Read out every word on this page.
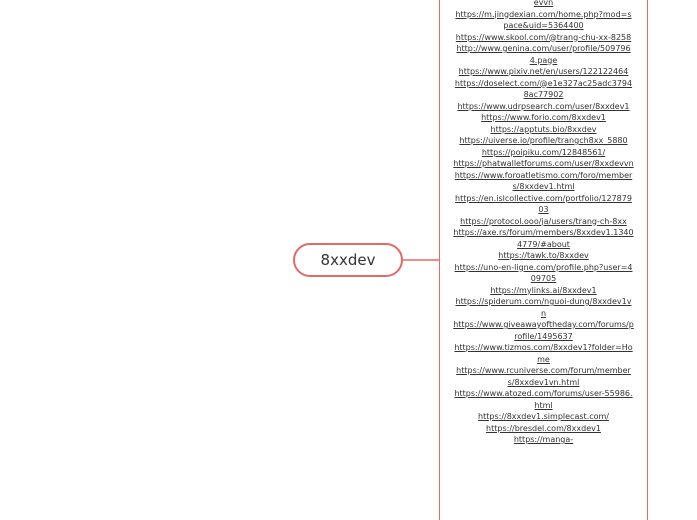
8xxdev
evvn
https://m.jingdexian.com/home.php?mod=space&uid=5364400
https://www.skool.com/@trang-chu-xx-8258
http://www.genina.com/user/profile/5097964.page
https://www.pixiv.net/en/users/122122464
https://doselect.com/@e1e327ac25adc37948ac77902
https://www.udrpsearch.com/user/8xxdev1
https://www.forio.com/8xxdev1
https://apptuts.bio/8xxdev
https://uiverse.io/profile/trangch8xx_5880
https://poipiku.com/12848561/
https://phatwalletforums.com/user/8xxdevvn
https://www.foroatletismo.com/foro/members/8xxdev1.html
https://en.islcollective.com/portfolio/12787903
https://protocol.ooo/ja/users/trang-ch-8xx
https://axe.rs/forum/members/8xxdev1.13404779/#about
https://tawk.to/8xxdev
https://uno-en-ligne.com/profile.php?user=409705
https://mylinks.ai/8xxdev1
https://spiderum.com/nguoi-dung/8xxdev1vn
https://www.giveawayoftheday.com/forums/profile/1495637
https://www.tizmos.com/8xxdev1?folder=Home
https://www.rcuniverse.com/forum/members/8xxdev1vn.html
https://www.atozed.com/forums/user-55986.html
https://8xxdev1.simplecast.com/
https://bresdel.com/8xxdev1
https://manga-
